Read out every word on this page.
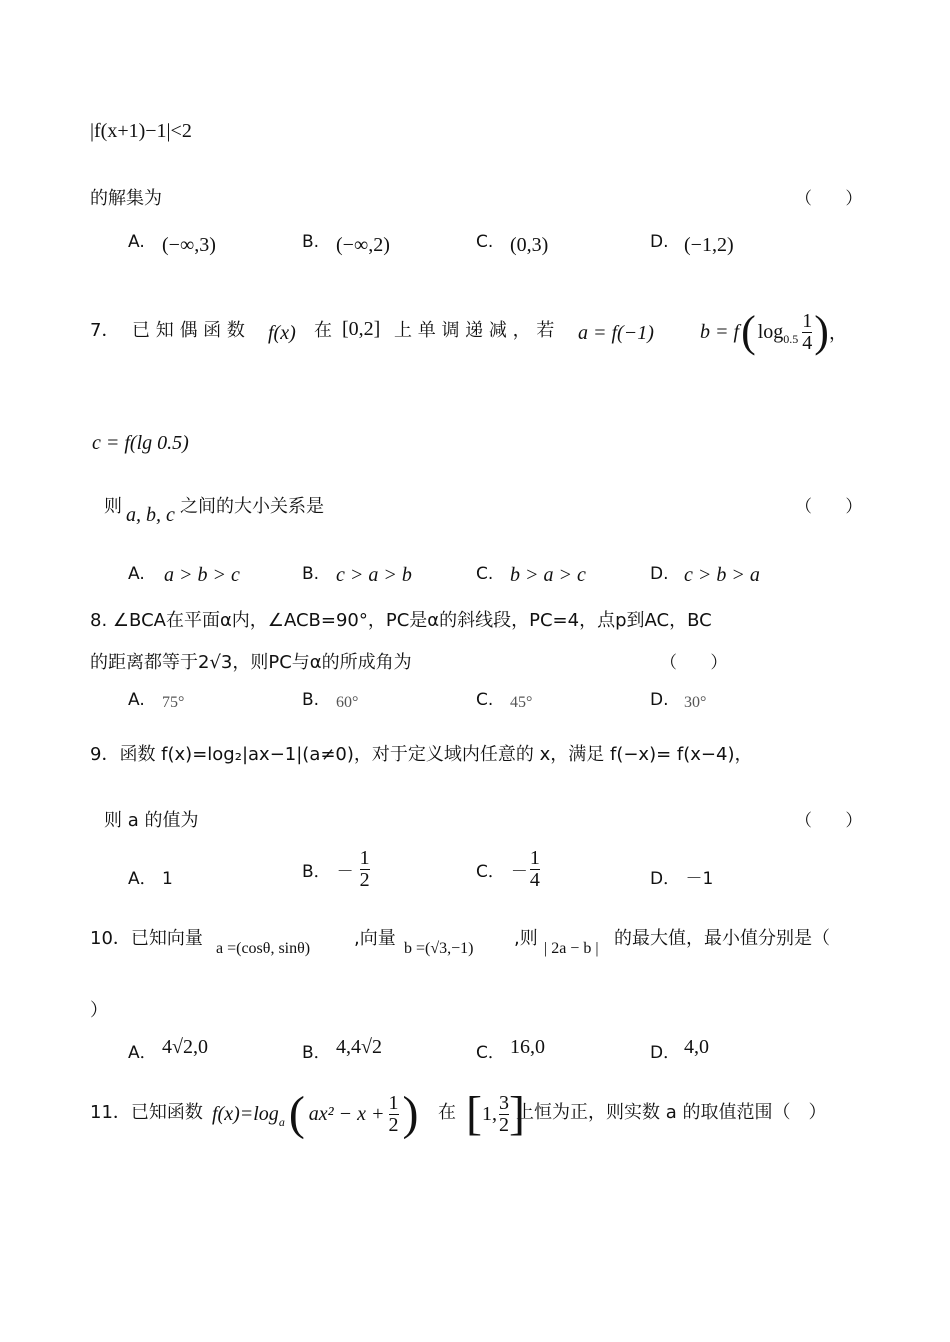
|f(x+1)−1|<2
的解集为	（ ）
A. (−∞,3)	B. (−∞,2)	C. (0,3)	D. (−1,2)
7． 已 知 偶 函 数 f(x) 在 [0,2] 上 单 调 递 减 ， 若 a = f(−1) b = f ( $\log 0.5 \frac{1}{4}$ ) ，
c = f(lg 0.5)
则 a, b, c 之间的大小关系是	（ ）
A. a > b > c	B. c > a > b	C. b > a > c	D. c > b > a
8. ∠BCA在平面α内，∠ACB=90°，PC是α的斜线段，PC=4，点p到AC，BC
的距离都等于2√3，则PC与α的所成角为	（ ）
A. 75°	B. 60°	C. 45°	D. 30°
9．函数 f(x)=log₂|ax−1|(a≠0)，对于定义域内任意的 x，满足 f(−x)= f(x−4)，
则 a 的值为	（ ）
A． 1	B． － $\frac{1}{2}$	C． － $\frac{1}{4}$	D． －1
10．已知向量 a =(cosθ, sinθ) ,向量 b =(√3,−1) ,则 | 2a − b | 的最大值，最小值分别是（
）
A． 4√2,0	B． 4,4√2	C． 16,0	D． 4,0
11．已知函数 f(x)=log a ( $ax^2 - x + \frac{1}{2}$ ) 在 [ 1, $\frac{3}{2}$ ]
上恒为正，则实数 a 的取值范围（　）
